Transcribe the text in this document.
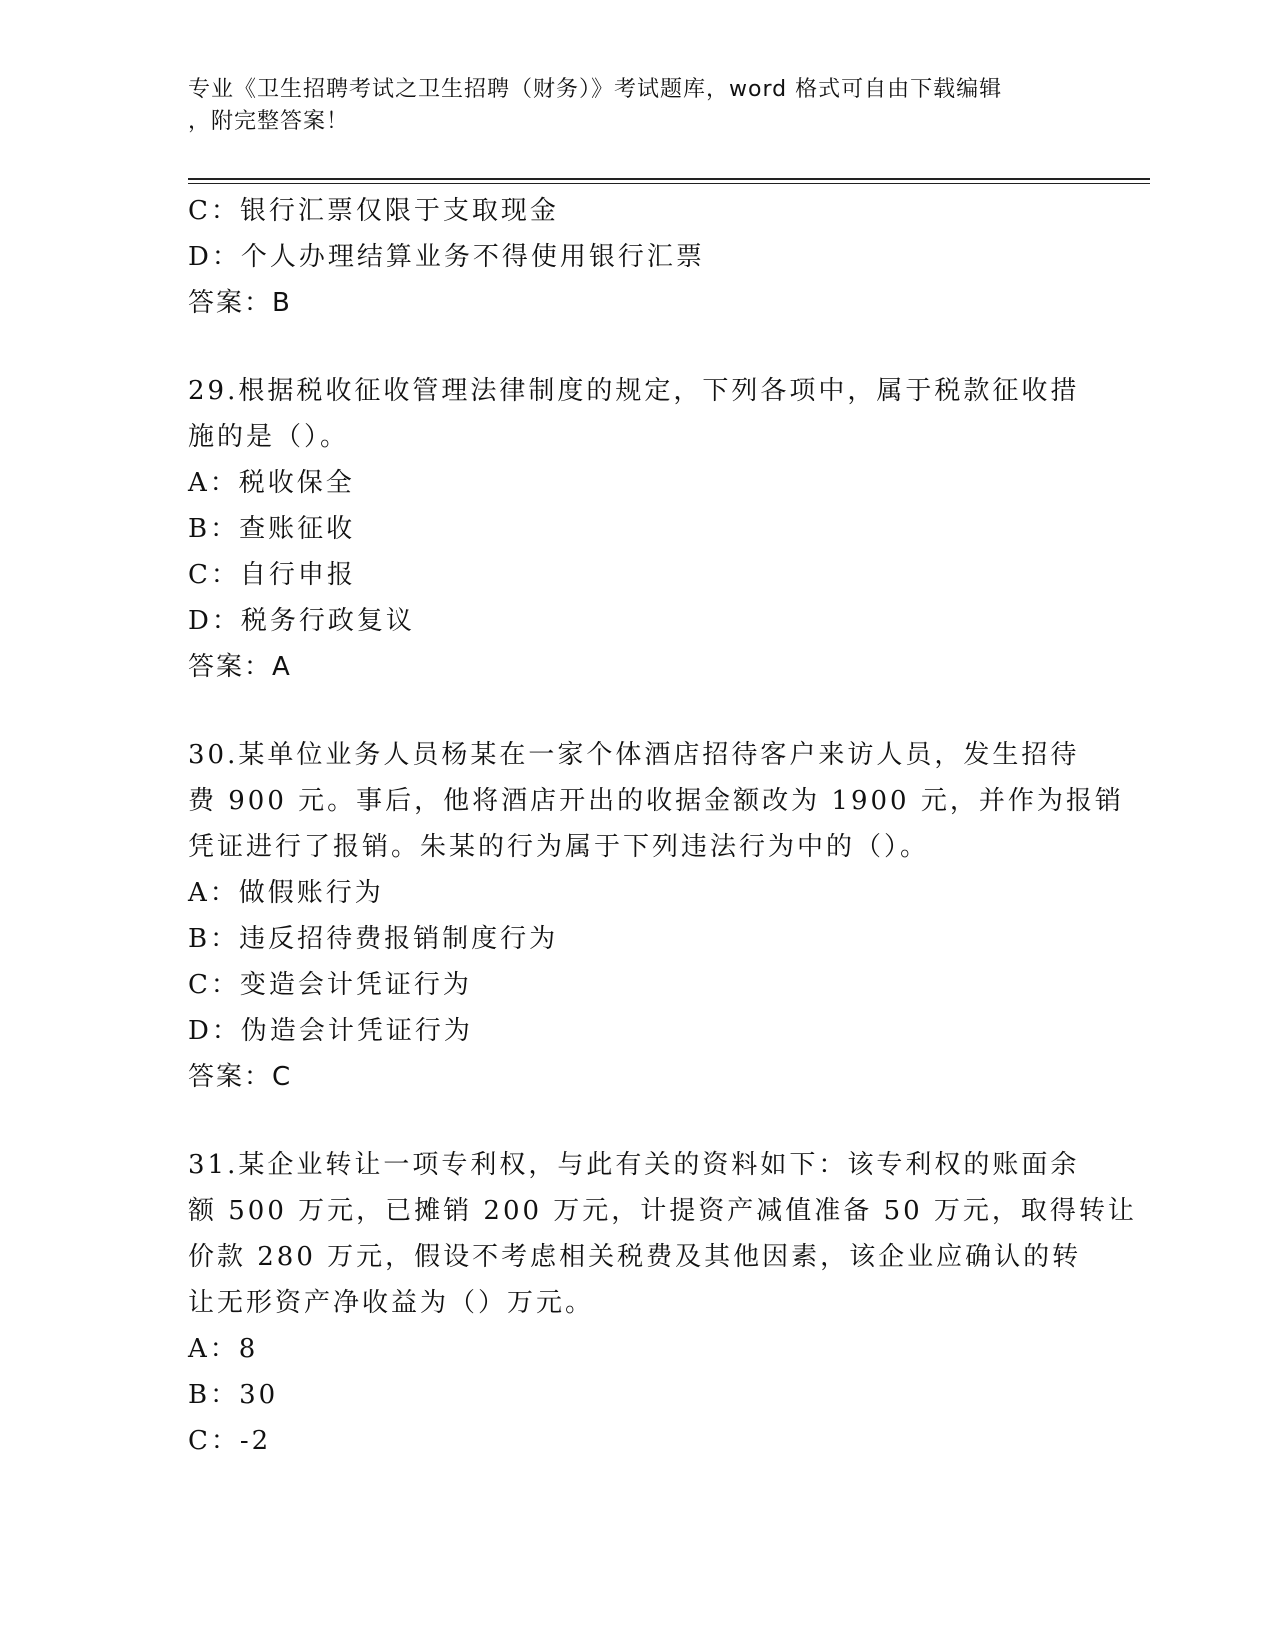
专业《卫生招聘考试之卫生招聘（财务）》考试题库，word 格式可自由下载编辑
，附完整答案！
C：银行汇票仅限于支取现金
D：个人办理结算业务不得使用银行汇票
答案：B
29.根据税收征收管理法律制度的规定，下列各项中，属于税款征收措
施的是（）。
A：税收保全
B：查账征收
C：自行申报
D：税务行政复议
答案：A
30.某单位业务人员杨某在一家个体酒店招待客户来访人员，发生招待
费 900 元。事后，他将酒店开出的收据金额改为 1900 元，并作为报销
凭证进行了报销。朱某的行为属于下列违法行为中的（）。
A：做假账行为
B：违反招待费报销制度行为
C：变造会计凭证行为
D：伪造会计凭证行为
答案：C
31.某企业转让一项专利权，与此有关的资料如下：该专利权的账面余
额 500 万元，已摊销 200 万元，计提资产减值准备 50 万元，取得转让
价款 280 万元，假设不考虑相关税费及其他因素，该企业应确认的转
让无形资产净收益为（）万元。
A：8
B：30
C：-2
